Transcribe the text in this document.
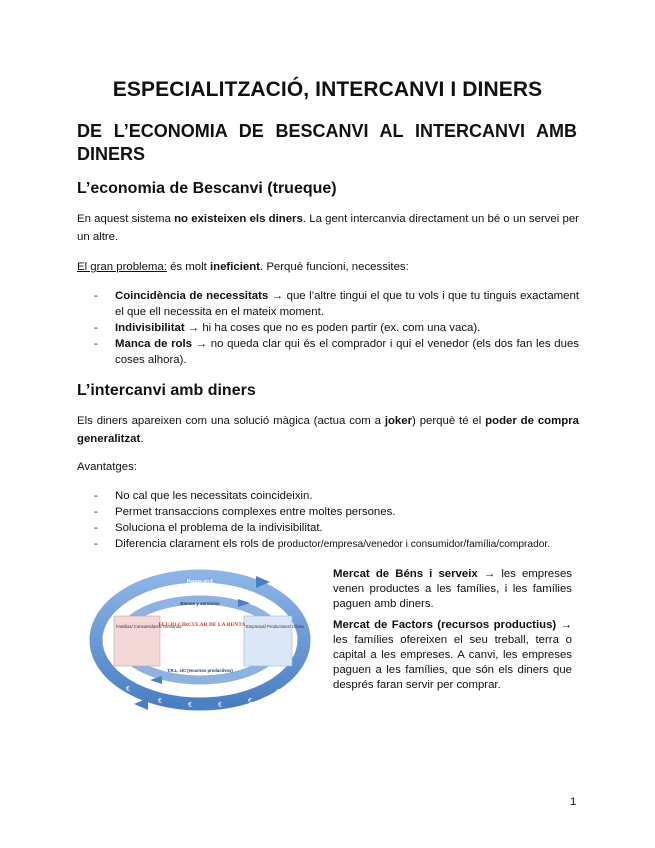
ESPECIALITZACIÓ, INTERCANVI I DINERS
DE L’ECONOMIA DE BESCANVI AL INTERCANVI AMB DINERS
L’economia de Bescanvi (trueque)

En aquest sistema no existeixen els diners. La gent intercanvia directament un bé o un servei per un altre.

El gran problema: és molt ineficient. Perquè funcioni, necessites:

- Coincidència de necessitats → que l’altre tingui el que tu vols i que tu tinguis exactament el que ell necessita en el mateix moment.
- Indivisibilitat → hi ha coses que no es poden partir (ex. com una vaca).
- Manca de rols → no queda clar qui és el comprador i qui el venedor (els dos fan les dues coses alhora).
L’intercanvi amb diners

Els diners apareixen com una solució màgica (actua com a joker) perquè té el poder de compra generalitzat.

Avantatges:

- No cal que les necessitats coincideixin.
- Permet transaccions complexes entre moltes persones.
- Soluciona el problema de la indivisibilitat.
- Diferencia clarament els rols de productor/empresa/venedor i consumidor/família/comprador.
Pagos en €
Bienes y servicios
Familias/ Consumidores/ Demanda	Empresas/ Productores/ Oferta
FLUJO CIRCULAR DE LA RENTA
T.R.L, s/C (recursos productivos)
€
€	€
€
€
€

Mercat de Béns i serveix → les empreses venen productes a les famílies, i les famílies paguen amb diners.

Mercat de Factors (recursos productius) → les famílies ofereixen el seu treball, terra o capital a les empreses. A canvi, les empreses paguen a les famílies, que són els diners que després faran servir per comprar.

1
